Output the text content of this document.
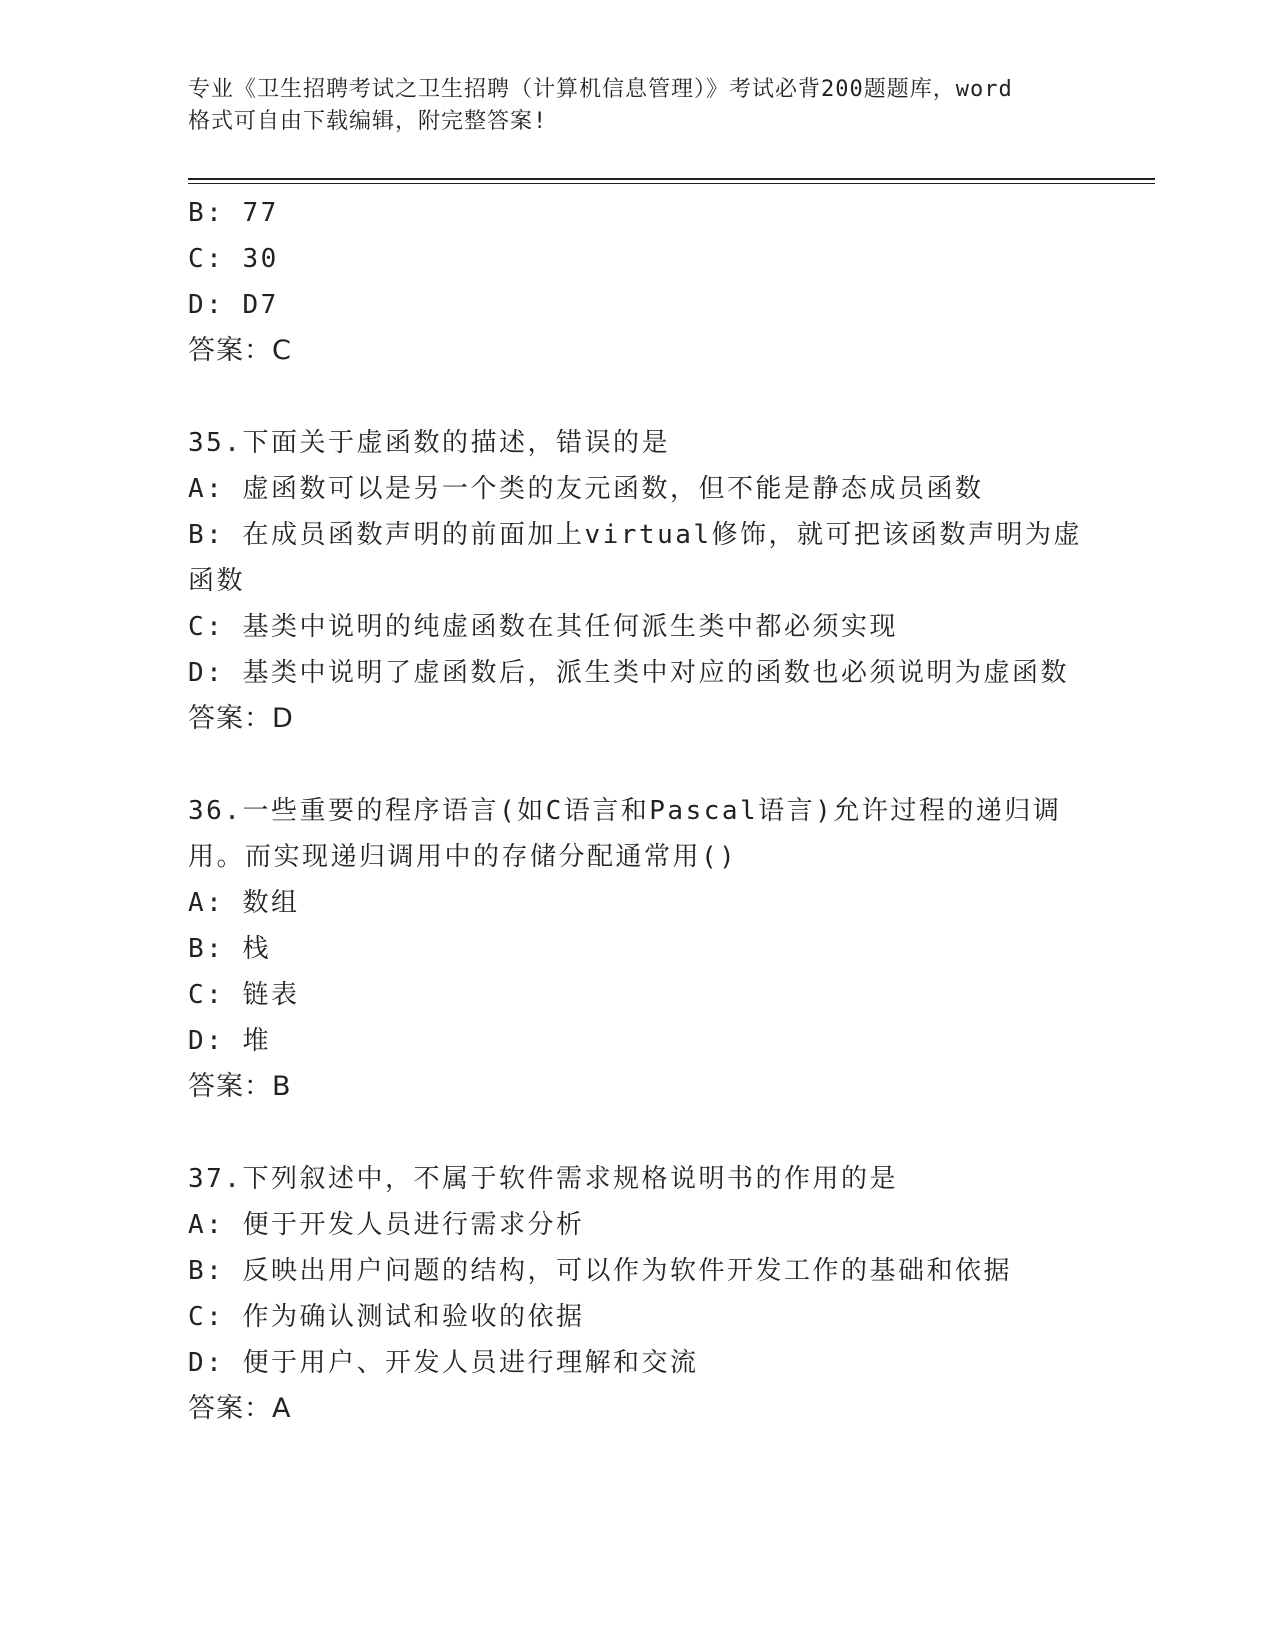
专业《卫生招聘考试之卫生招聘（计算机信息管理）》考试必背200题题库，word
格式可自由下载编辑，附完整答案!

B: 77

C: 30

D: D7

答案：C

35.下面关于虚函数的描述，错误的是

A: 虚函数可以是另一个类的友元函数，但不能是静态成员函数

B: 在成员函数声明的前面加上virtual修饰，就可把该函数声明为虚

函数

C: 基类中说明的纯虚函数在其任何派生类中都必须实现

D: 基类中说明了虚函数后，派生类中对应的函数也必须说明为虚函数

答案：D

36.一些重要的程序语言(如C语言和Pascal语言)允许过程的递归调

用。而实现递归调用中的存储分配通常用()

A: 数组

B: 栈

C: 链表

D: 堆

答案：B

37.下列叙述中，不属于软件需求规格说明书的作用的是

A: 便于开发人员进行需求分析

B: 反映出用户问题的结构，可以作为软件开发工作的基础和依据

C: 作为确认测试和验收的依据

D: 便于用户、开发人员进行理解和交流

答案：A
